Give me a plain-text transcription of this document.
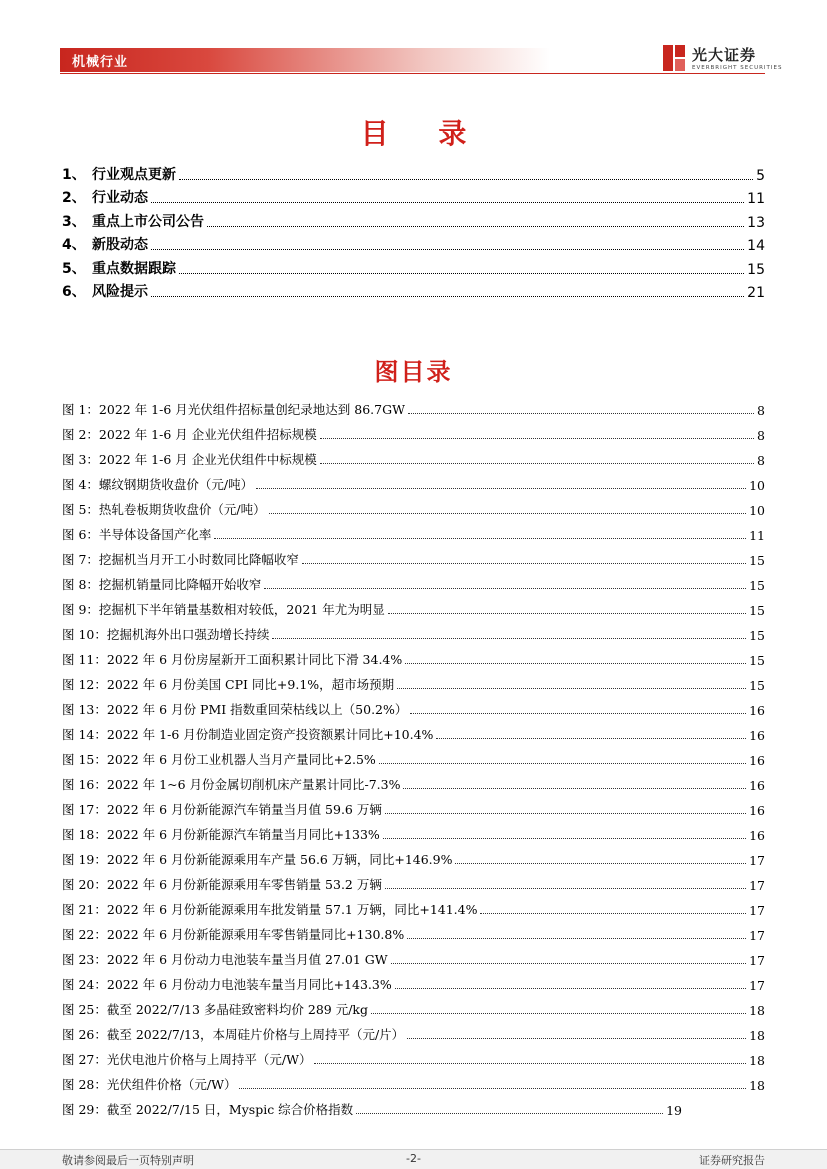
机械行业	光大证券
EVERBRIGHT SECURITIES
目 录
1、 行业观点更新	5
2、 行业动态	11
3、 重点上市公司公告	13
4、 新股动态	14
5、 重点数据跟踪	15
6、 风险提示	21
图目录
图 1：2022 年 1-6 月光伏组件招标量创纪录地达到 86.7GW	8
图 2：2022 年 1-6 月 企业光伏组件招标规模	8
图 3：2022 年 1-6 月 企业光伏组件中标规模	8
图 4：螺纹钢期货收盘价（元/吨）	10
图 5：热轧卷板期货收盘价（元/吨）	10
图 6：半导体设备国产化率	11
图 7：挖掘机当月开工小时数同比降幅收窄	15
图 8：挖掘机销量同比降幅开始收窄	15
图 9：挖掘机下半年销量基数相对较低，2021 年尤为明显	15
图 10：挖掘机海外出口强劲增长持续	15
图 11：2022 年 6 月份房屋新开工面积累计同比下滑 34.4%	15
图 12：2022 年 6 月份美国 CPI 同比+9.1%，超市场预期	15
图 13：2022 年 6 月份 PMI 指数重回荣枯线以上（50.2%）	16
图 14：2022 年 1-6 月份制造业固定资产投资额累计同比+10.4%	16
图 15：2022 年 6 月份工业机器人当月产量同比+2.5%	16
图 16：2022 年 1~6 月份金属切削机床产量累计同比-7.3%	16
图 17：2022 年 6 月份新能源汽车销量当月值 59.6 万辆	16
图 18：2022 年 6 月份新能源汽车销量当月同比+133%	16
图 19：2022 年 6 月份新能源乘用车产量 56.6 万辆，同比+146.9%	17
图 20：2022 年 6 月份新能源乘用车零售销量 53.2 万辆	17
图 21：2022 年 6 月份新能源乘用车批发销量 57.1 万辆，同比+141.4%	17
图 22：2022 年 6 月份新能源乘用车零售销量同比+130.8%	17
图 23：2022 年 6 月份动力电池装车量当月值 27.01 GW	17
图 24：2022 年 6 月份动力电池装车量当月同比+143.3%	17
图 25：截至 2022/7/13 多晶硅致密料均价 289 元/kg	18
图 26：截至 2022/7/13，本周硅片价格与上周持平（元/片）	18
图 27：光伏电池片价格与上周持平（元/W）	18
图 28：光伏组件价格（元/W）	18
图 29：截至 2022/7/15 日，Myspic 综合价格指数	19
敬请参阅最后一页特别声明	-2-	证券研究报告
